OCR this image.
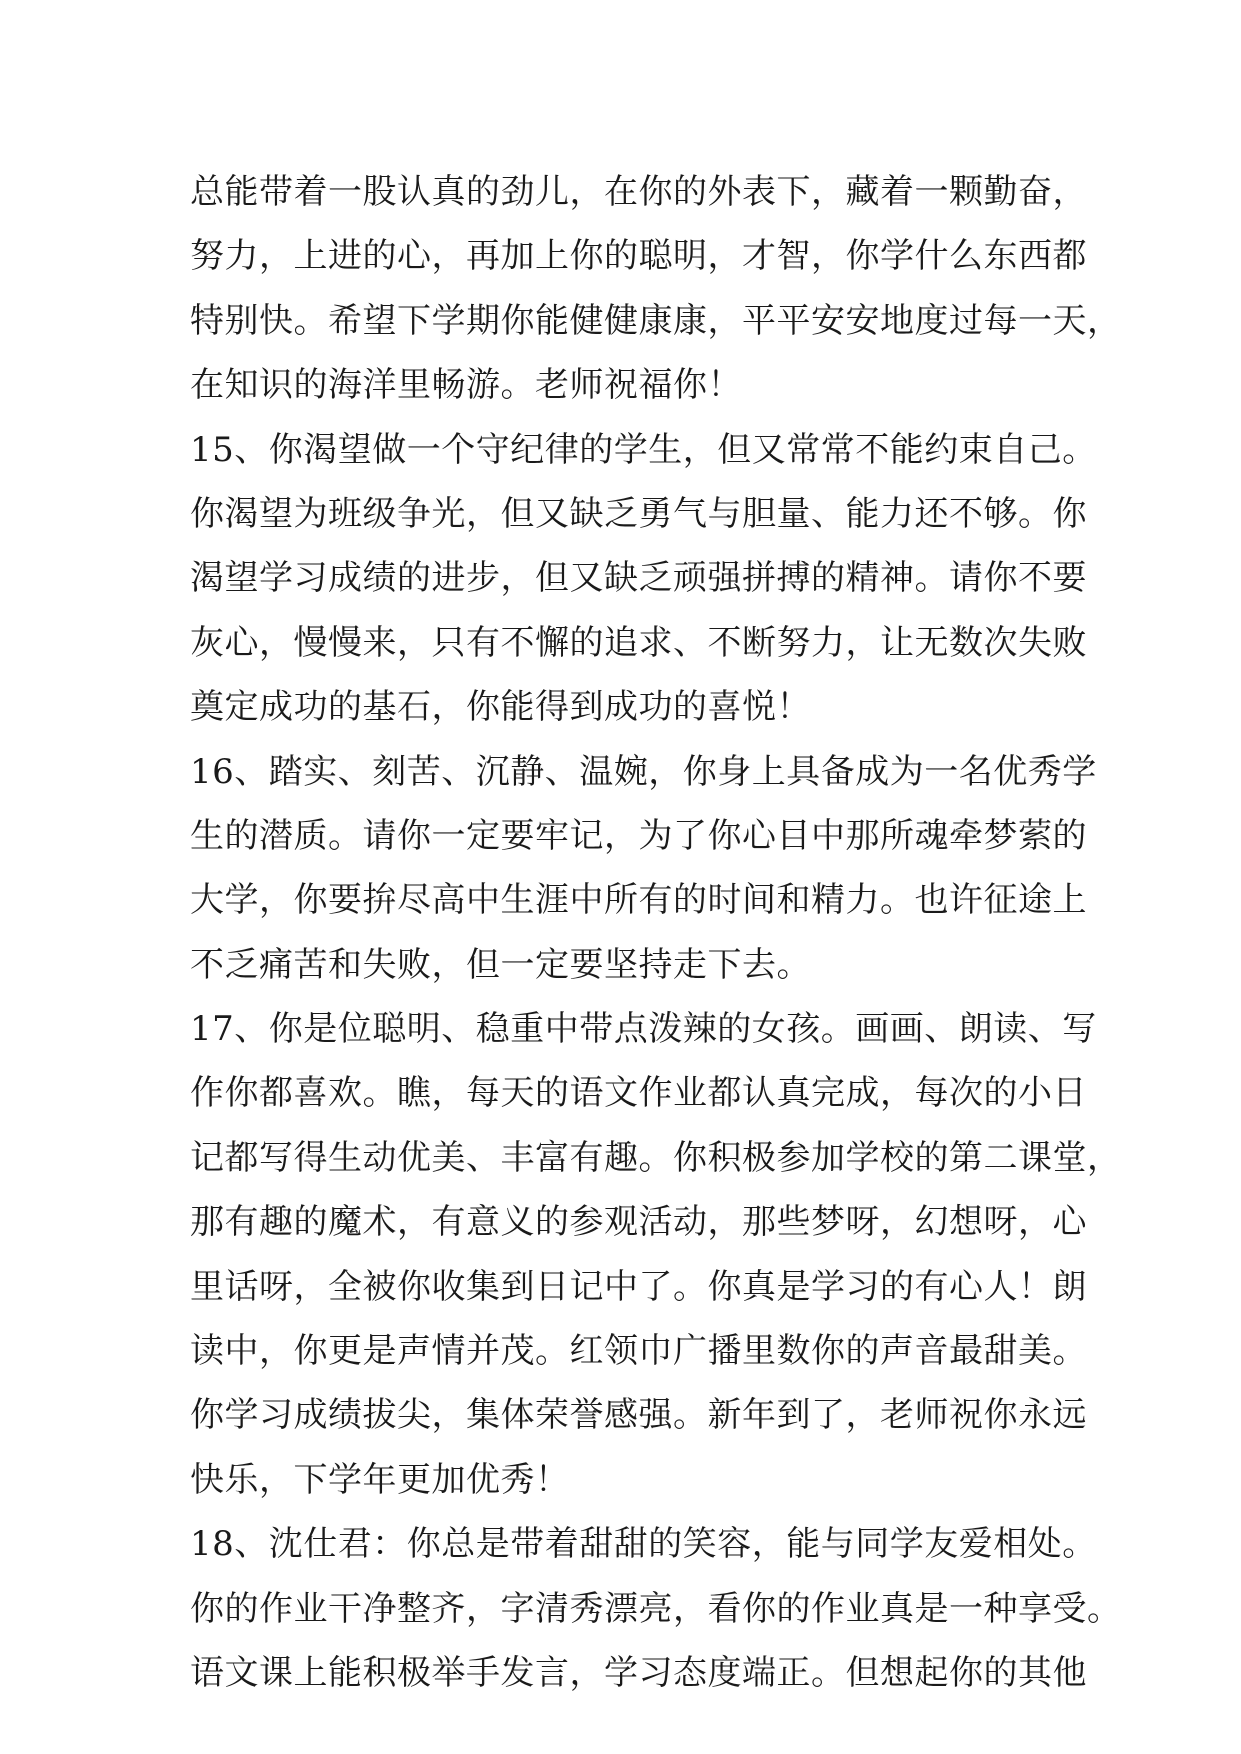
总能带着一股认真的劲儿，在你的外表下，藏着一颗勤奋，
努力，上进的心，再加上你的聪明，才智，你学什么东西都
特别快。希望下学期你能健健康康，平平安安地度过每一天，
在知识的海洋里畅游。老师祝福你！
15、你渴望做一个守纪律的学生，但又常常不能约束自己。
你渴望为班级争光，但又缺乏勇气与胆量、能力还不够。你
渴望学习成绩的进步，但又缺乏顽强拼搏的精神。请你不要
灰心，慢慢来，只有不懈的追求、不断努力，让无数次失败
奠定成功的基石，你能得到成功的喜悦！
16、踏实、刻苦、沉静、温婉，你身上具备成为一名优秀学
生的潜质。请你一定要牢记，为了你心目中那所魂牵梦萦的
大学，你要拚尽高中生涯中所有的时间和精力。也许征途上
不乏痛苦和失败，但一定要坚持走下去。
17、你是位聪明、稳重中带点泼辣的女孩。画画、朗读、写
作你都喜欢。瞧，每天的语文作业都认真完成，每次的小日
记都写得生动优美、丰富有趣。你积极参加学校的第二课堂，
那有趣的魔术，有意义的参观活动，那些梦呀，幻想呀，心
里话呀，全被你收集到日记中了。你真是学习的有心人！朗
读中，你更是声情并茂。红领巾广播里数你的声音最甜美。
你学习成绩拔尖，集体荣誉感强。新年到了，老师祝你永远
快乐，下学年更加优秀！
18、沈仕君：你总是带着甜甜的笑容，能与同学友爱相处。
你的作业干净整齐，字清秀漂亮，看你的作业真是一种享受。
语文课上能积极举手发言，学习态度端正。但想起你的其他
